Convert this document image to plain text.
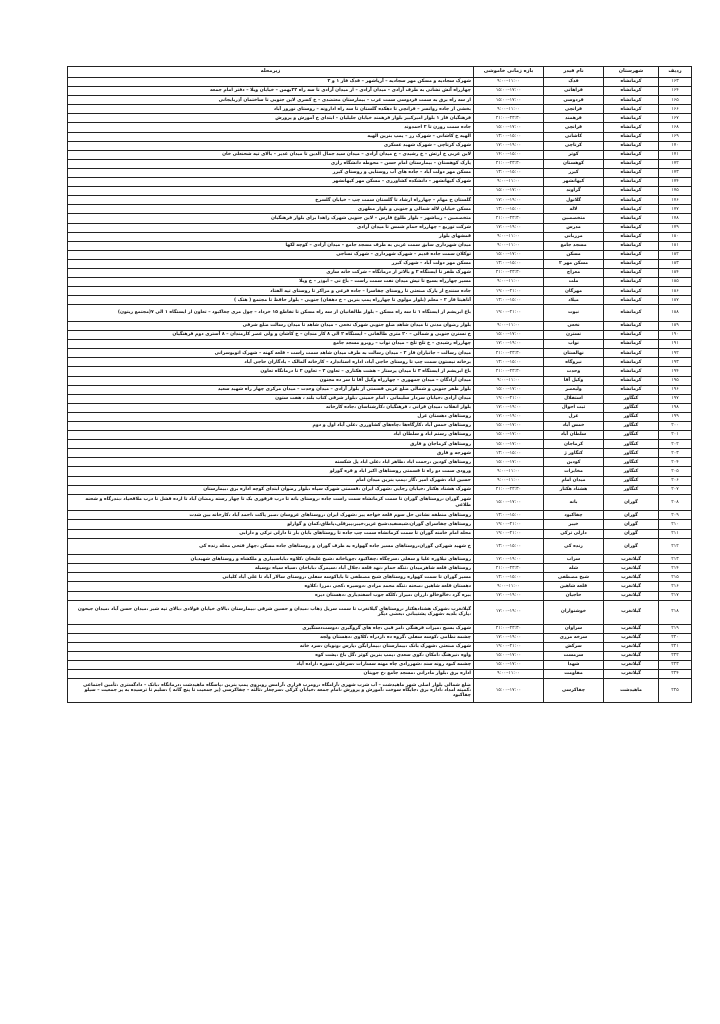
ردیف	شهرستان	نام فیدر	بازه زمانی خاموشی	زیرمحله
۱۶۳	کرمانشاه	فدک	۱۱:۰۰–۹:۰۰	شهرک سجادیه و مسکن مهر سجادیه – آرپاشهر – فدک فاز ۱ و ۲
۱۶۴	کرمانشاه	فراهانی	۱۷:۰۰–۱۵:۰۰	چهارراه آتش نشانی به طرف آزادی – میدان آزادی – از میدان آزادی تا سه راه ۲۲بهمن – خیابان ویلا – دفتر امام جمعه
۱۶۵	کرمانشاه	فردوسی	۱۷:۰۰–۱۵:۰۰	از سه راه برق به سمت فردوسی سمت غرب – بیمارستان معتضدی – خ کسری لاین جنوبی تا ساختمان آذربایجانی
۱۶۶	کرمانشاه	فرانچی	۱۱:۰۰–۹:۰۰	بخشی از جاده روانسر – فرانچی تا دهکده گلستان تا سه راه ادارونه – روستای نوروز آباد
۱۶۷	کرمانشاه	فرهمند	۲۳:۳۰–۲۱:۰۰	فرهنگیان فاز ۱ بلوار امیرکبیر بلوار فرهمند خیابان جلیلیان – ابتدای خ آموزش و پرورش
۱۶۸	کرمانشاه	قزانچی	۱۷:۰۰–۱۵:۰۰	جاده سمت روزن تا ۲ احمدوند
۱۶۹	کرمانشاه	کاشانی	۱۵:۰۰–۱۳:۰۰	الهیه خ کاشانی – شهرک رز – پمپ بنزین الهیه
۱۷۰	کرمانشاه	کرناچی	۱۹:۰۰–۱۷:۰۰	شهرک کرناچی – شهرک شهید عسکری
۱۷۱	کرمانشاه	کوثر	۱۵:۰۰–۱۴:۰۰	لاین غربی خ ارتش – خ رشیدی – خ میدان آزادی – میدان سید جمال الدین تا میدان غدیر – بالای تپه شحنعلی خان
۱۷۲	کرمانشاه	کوهستان	۲۳:۳۰–۲۱:۰۰	پارک کوهستان – بیمارستان امام حسن – محوطه دانشگاه رازی
۱۷۳	کرمانشاه	کیزر	۱۵:۰۰–۱۳:۰۰	مسکن مهر دولت آباد – جاده های آب روستایی و روستای کیزر
۱۷۴	کرمانشاه	کیهانشهر	۱۱:۰۰–۹:۰۰	شهرک کیهانشهر – دانشکده کشاورزی – مسکن مهر کیهانشهر
۱۷۵	کرمانشاه	گراوند	۱۷:۰۰–۱۵:۰۰	-
۱۷۶	کرمانشاه	گلانول	۱۹:۰۰–۱۷:۰۰	گلستان خ مهام – چهارراه ارشاد تا گلستان سمت چپ – خیابان گلسرخ
۱۷۷	کرمانشاه	لاله	۱۵:۰۰–۱۳:۰۰	مسکن خیابان لاله شمالی و جنوبی و بلوار مطهری
۱۷۸	کرمانشاه	متخصصین	۲۳:۳۰–۲۱:۰۰	متخصصین – زیباشهر – بلوار طلوع فارس – لاین جنوبی شهرک زاهدا برای بلوار فرهنگیان
۱۷۹	کرمانشاه	مدرس	۱۹:۰۰–۱۷:۰۰	شرکت توزیع – چهارراه حمام شمس تا میدان آزادی
۱۸۰	کرمانشاه	مرزبانی	۱۱:۰۰–۹:۰۰	قمشهای بلوار
۱۸۱	کرمانشاه	مسجد جامع	۱۱:۰۰–۹:۰۰	میدان شهرداری سابق سمت غربی به طرف مسجد جامع – میدان آزادی – کوچه لکها
۱۸۲	کرمانشاه	مسکن	۱۷:۰۰–۱۵:۰۰	توکلان سمت جاده قدیم – شهرک شهرداری – شهرک نساجی
۱۸۳	کرمانشاه	مسکن مهر ۲	۱۵:۰۰–۱۳:۰۰	مسکن مهر دولت آباد – شهرک کیزر
۱۸۴	کرمانشاه	معراج	۲۳:۳۰–۲۱:۰۰	شهرک ظفر تا ایستگاه ۲ و بالاتر از درمانگاه – شرکت خانه سازی
۱۸۵	کرمانشاه	ملت	۱۱:۰۰–۹:۰۰	مسیر چهارراه بسیج تا تپش میدان نفت سمت راست – باغ نی – ابوذر – خ ویلا
۱۸۶	کرمانشاه	مهرگان	۲۱:۰۰–۱۹:۰۰	جاده سنندج از پارک صنعتی تا روستای چقاسرا – جاده فرعی و مراکز تا روستای تپه الفتاد
۱۸۷	کرمانشاه	میلاد	۱۵:۰۰–۱۳:۰۰	آتاهیتا فاز ۲ – معلم (بلوار مولوی تا چهارراه پمپ بنزین – خ دهقان) جنوبی – بلوار حافظ تا مجتمع ( هتک )
۱۸۸	کرمانشاه	نبوت	۲۱:۰۰–۱۹:۰۰	باغ ابریشم از ایستگاه ۱ تا سه راه مسکن – بلوار طالقانیان از سه راه مسکن تا تقاطع ۱۵ خرداد – چول مری چغاکبود – تعاون از ایستگاه ۱ الی ۷(مجتمع زیتون)
۱۸۹	کرمانشاه	نخعی	۱۱:۰۰–۹:۰۰	بلوار رضوان مدنی تا میدان شاهد ضلع جنوبی شهرک نخعی – میدان شاهد تا میدان رسالت ضلع شرقی
۱۹۰	کرمانشاه	نسترن	۱۷:۰۰–۱۵:۰۰	خ نسترن جنوبی و شمالی – ۲۰ متری طالقانی – ایستگاه ۲ الی ۸ کار مندان – خ کاشان و ولی عصر کارمندان – ۸ آستری دوم فرهنگیان
۱۹۱	کرمانشاه	نواب	۱۹:۰۰–۱۷:۰۰	چهارراه رشیدی – خ تلخ تلخ – میدان نواب – روبرو مسجد جامع
۱۹۲	کرمانشاه	نهالستان	۲۳:۳۰–۲۱:۰۰	میدان رسالت – جانبازان فاز ۲ – میدان رسالت به طرف میدان شاهد سمت راست – قلعه کهنه – شهرک اتوبوسرانی
۱۹۳	کرمانشاه	نیروگاه	۱۵:۰۰–۱۳:۰۰	برخانه نیستون سمت چپ تا روستای حاجی آباد، اداره استاندارد – کارخانه آلمالک – یادگاران حاجی آباد
۱۹۴	کرمانشاه	وحدت	۲۳:۳۰–۲۱:۰۰	باغ ابریشم از ایستگاه ۳ تا میدان پرستار – هشت هکتاری – تعاون ۳ – تعاون ۲ تا درمانگاه تعاون
۱۹۵	کرمانشاه	وکیل آقا	۱۱:۰۰–۹:۰۰	میدان آزادگان – میدان جمهوری – چهارراه وکیل آقا تا سر ده مجنون
۱۹۶	کرمانشاه	ولیعصر	۱۷:۰۰–۱۵:۰۰	بلوار ظفر جنوبی و شمالی ضلع غربی قسمتی از بلوار آزادی – میدان وحدت – میدان مرکزی چهار راه شهید سعید
۱۹۷	کنگاور	استقلال	۲۱:۰۰–۱۹:۰۰	میدان آزادی ،خیابان سردار سلیمانی ، امام خمینی ،بلوار شرقی کتاب بلند ، هفت ستون
۱۹۸	کنگاور	ثبت احوال	۱۹:۰۰–۱۷:۰۰	بلوار انقلاب ،میدان قرانی ، فرهنگیان ،کارشناسان ،جاده کارخانه
۱۹۹	کنگاور	غزل	۱۹:۰۰–۱۷:۰۰	روستاهای دهستان غزل
۲۰۰	کنگاور	خمس آباد	۱۷:۰۰–۱۵:۰۰	روستاهای خمس آباد ،کارگاه‌ها ،چاه‌های کشاورزی ،علی آباد اول و دوم
۲۰۱	کنگاور	سلطان آباد	۱۷:۰۰–۱۵:۰۰	روستاهای رستم اباد و سلطان اباد
۲۰۲	کنگاور	کرماجان	۱۷:۰۰–۱۵:۰۰	روستاهای کرماجان و فارق
۲۰۳	کنگاور	کنگاور ژ	۱۵:۰۰–۱۳:۰۰	شهرجه و فارق
۲۰۴	کنگاور	کودین	۱۷:۰۰–۱۵:۰۰	روستاهای کودین ،رحمت اباد ،طاهر اباد ،علی اباد پل شکسته
۲۰۵	کنگاور	مخابرات	۱۱:۰۰–۹:۰۰	ورودی سمت دو راه تا قسمتی روستاهای اکبر اباد و قره گوزلو
۲۰۶	کنگاور	میدان امام	۱۱:۰۰–۹:۰۰	حسین اباد ،شهرک امیر ،گاز ،پمپ بنزین میدان امام
۲۰۷	کنگاور	هشتاد هکتار	۲۳:۳۰–۲۱:۰۰	شهرک هشتاد هکتار ،خیابان رجایی ،شهرک ایران ،قسمتی شهرک سپاه ،بلوار رضوان ابتدای کوچه اداره برق ،بیمارستان
۲۰۸	گوران	بانه	۱۷:۰۰–۱۵:۰۰	شهر گوران ،روستاهای گوران تا سمت کرمانشاه سمت راست جاده ،روستای بانه تا درب فرقوری بک تا چهار رسته رمضان آباد تا ازده قشل تا درب ملاقحیاد ،بندرگاه و شحنه طلاعی
۲۰۹	گوران	چقاکبود	۱۵:۰۰–۱۳:۰۰	روستاهای منطقه نشانی حل سوم قلعه خواجه پیر ،شهرک ایران ،روستاهای عروسان ،صبر پاکت ،احمد آباد ،کارخانه بین شدت
۲۱۰	گوران	خیبر	۲۱:۰۰–۱۹:۰۰	روستاهای چقاسرای گوران،شیسفید،شیخ عزیز،خیبر،پیرقلی،پاطاق،کمان و گوارلو
۲۱۱	گوران	دارلی ترکی	۲۱:۰۰–۱۹:۰۰	محله امام خامنه گوران تا سمت کرمانشاه سمت چپ جاده تا روستاهای بابان باز تا دارلی ترکی و دارابی
۲۱۲	گوران	زنده کی	۱۵:۰۰–۱۳:۰۰	خ شهید شهرکی گوران،روستاهای مسیر جاده گهواره به طرف گوران و روستاهای جاده مسکن ،چهار فتحی محله زنده کی
۲۱۳	گیلانغرب	سراب	۱۹:۰۰–۱۷:۰۰	روستاهای نیلاوره علیا و سفلی ،سرچگاه ،چقاکبود ،چوپاخانه ،شیخ علیخان ،کلاوه ،باباسبیاری و ملکشاه و روستاهای شهیدیان
۲۱۴	گیلانغرب	شله	۲۳:۳۰–۲۱:۰۰	روستاهای قلعه شاهرمیدان ،تنگه حمام ،نهد قلعه ،جلال آباد ،سیمرگ ،باباخان ،سیاه سیاه ،وسیله
۲۱۵	گیلانغرب	شیخ مصطفی	۱۵:۰۰–۱۳:۰۰	مسیر گوران تا سمت کهواره روستاهای شیخ مصطفی تا باباکوسه سفلی ،روستای سالار آباد تا علی آباد کلیانی
۲۱۶	گیلانغرب	قلعه شاهین	۱۱:۰۰–۹:۰۰	دهستان قلعه شاهین ،صحنه ،تنگه محمد مرادی ،دوسیره ،کجی ،مرزا ،کلاوه
۲۱۷	گیلانغرب	حاجیان	۱۹:۰۰–۱۷:۰۰	بیره گرد ،خالوخالو ،ارزان ،میراز ،کلکه جوب اسفندیاری ،دهستان دیره
۲۱۸	گیلانغرب	خوشنواران	۱۹:۰۰–۱۷:۰۰	گیلانغرب ،شهرک هشتادهکتار ،روستاهای گیلانغرب تا سمت سرپل ذهاب ،میدان و حسین شرقی ،بیمارستان ،بالای خیابان فولادی ،بالای تپه شیر ،میدان حسن آباد ،میدان جیحون ،پارک بلدیه ،شهرک پشتیبانی ،بعضی دیگر
۲۱۹	گیلانغرب	سراوان	۲۳:۳۰–۲۱:۰۰	شهرک بسیج ،میرات فرهنگی ،امر قبی ،چاه های گروگیری ،دوست‌دستگیری
۲۲۰	گیلانغرب	سرخه مرزی	۱۹:۰۰–۱۷:۰۰	چشمه نظامی ،کوسه سفلی ،گروه ده ،ازدراه ،کلاوی ،دهستان ولجه
۲۲۱	گیلانغرب	سرکش	۲۱:۰۰–۱۹:۰۰	شهرک صنعتی ،شهرک بانک ،بیمارستان ،بیمارابگن ،پارس ،ونوبان ،سرد خانه
۲۲۲	گیلانغرب	سرمست	۱۷:۰۰–۱۵:۰۰	واوه ،نیرهنگ ،امکان ،کوی سعدی ،پمپ بنزین کوثر ،گل باغ ،پشت کوه
۲۲۳	گیلانغرب	شهدا	۱۷:۰۰–۱۵:۰۰	چشمه کبود رونه سند ،شهرزادی چاه مهنه سسارات ،سرعلی ،سوزه ،ازاده آیاد
۲۲۴	گیلانغرب	مقاومت	۱۱:۰۰–۹:۰۰	اداره برق ،بلوار مادرانی ،مسجد جامع ،خ جوینان
۲۲۵	ماهیدشت	چقاکرسی	۱۷:۰۰–۱۵:۰۰	ضلع شمالی بلوار اصلی شهر ماهیدشت – آب شرب شهری ،آرامگاه ،رومرب فراری ،آرامس روبروی پمپ بنزین ،پاسگاه ماهیدشت ،درمانگاه ،بانک – دادگستری ،تأمین اجتماعی ،کمیته امداد ،اداره برق ،جایگاه سوخت ،آموزش و پرورش ،امام جمعه ،خیابان کرکی ،سرچغار ،ثالثه – چقاکرسی (پر جمعیت تا پنج گانه ) ،سلیم تا ترسیده به پر جمعیت – سیلو چقاکبود
